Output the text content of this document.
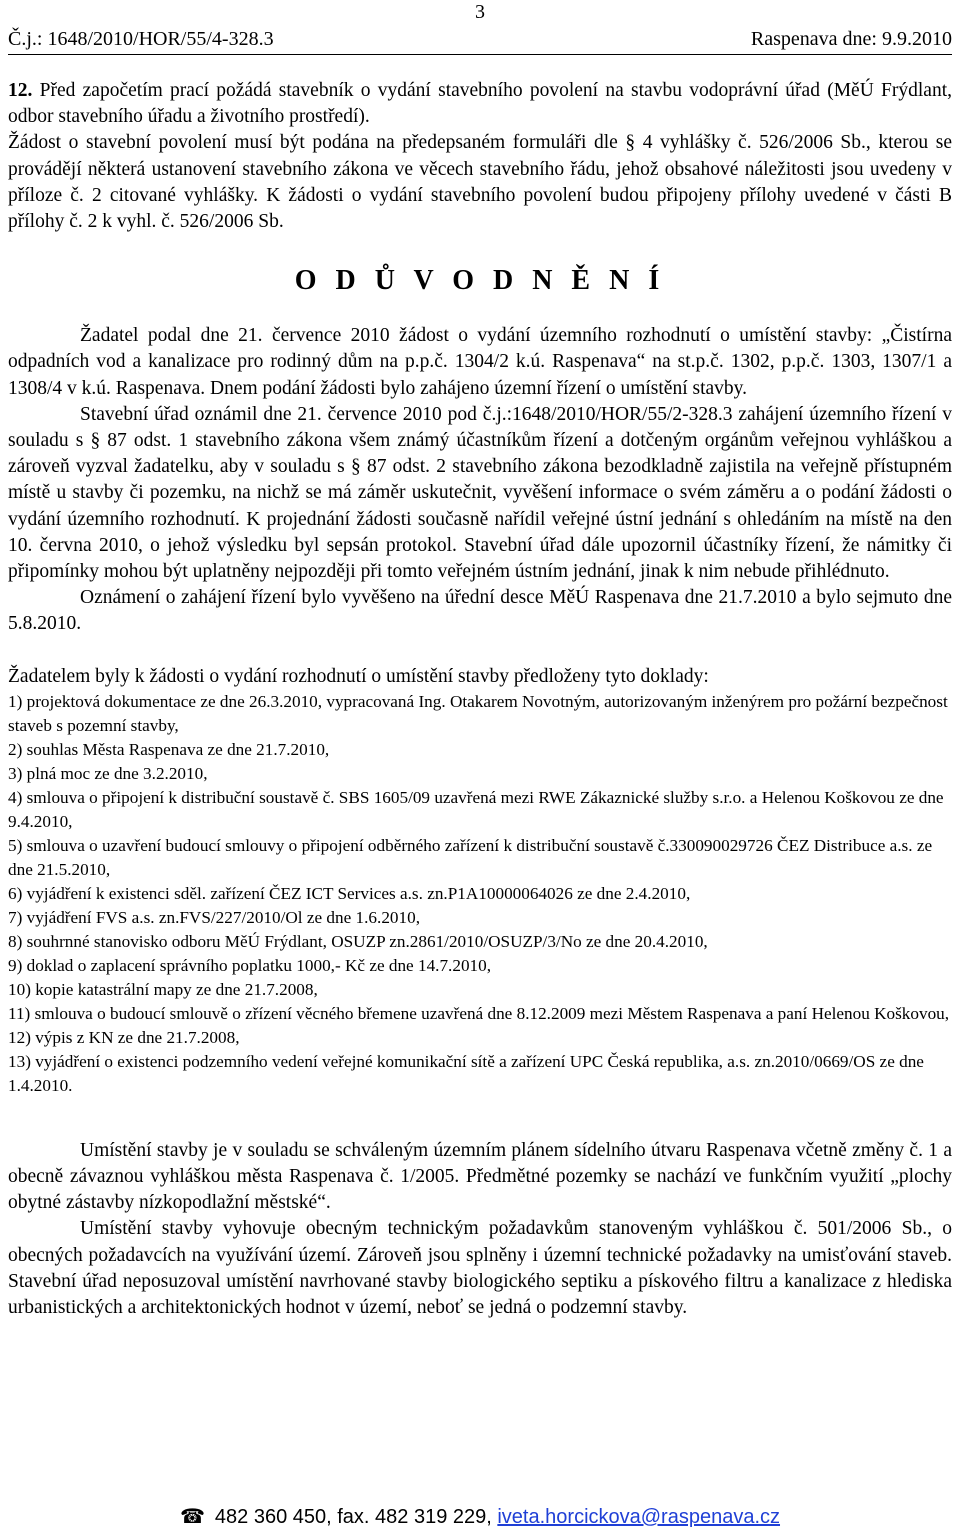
3
Č.j.: 1648/2010/HOR/55/4-328.3	Raspenava dne: 9.9.2010

12. Před započetím prací požádá stavebník o vydání stavebního povolení na stavbu vodoprávní úřad (MěÚ Frýdlant, odbor stavebního úřadu a životního prostředí).

Žádost o stavební povolení musí být podána na předepsaném formuláři dle § 4 vyhlášky č. 526/2006 Sb., kterou se provádějí některá ustanovení stavebního zákona ve věcech stavebního řádu, jehož obsahové náležitosti jsou uvedeny v příloze č. 2 citované vyhlášky. K žádosti o vydání stavebního povolení budou připojeny přílohy uvedené v části B přílohy č. 2 k vyhl. č. 526/2006 Sb.

O D Ů V O D N Ě N Í

Žadatel podal dne 21. července 2010 žádost o vydání územního rozhodnutí o umístění stavby: „Čistírna odpadních vod a kanalizace pro rodinný dům na p.p.č. 1304/2 k.ú. Raspenava“ na st.p.č. 1302, p.p.č. 1303, 1307/1 a 1308/4 v k.ú. Raspenava. Dnem podání žádosti bylo zahájeno územní řízení o umístění stavby.

Stavební úřad oznámil dne 21. července 2010 pod č.j.:1648/2010/HOR/55/2-328.3 zahájení územního řízení v souladu s § 87 odst. 1 stavebního zákona všem známý účastníkům řízení a dotčeným orgánům veřejnou vyhláškou a zároveň vyzval žadatelku, aby v souladu s § 87 odst. 2 stavebního zákona bezodkladně zajistila na veřejně přístupném místě u stavby či pozemku, na nichž se má záměr uskutečnit, vyvěšení informace o svém záměru a o podání žádosti o vydání územního rozhodnutí. K projednání žádosti současně nařídil veřejné ústní jednání s ohledáním na místě na den 10. června 2010, o jehož výsledku byl sepsán protokol. Stavební úřad dále upozornil účastníky řízení, že námitky či připomínky mohou být uplatněny nejpozději při tomto veřejném ústním jednání, jinak k nim nebude přihlédnuto.

Oznámení o zahájení řízení bylo vyvěšeno na úřední desce MěÚ Raspenava dne 21.7.2010 a bylo sejmuto dne 5.8.2010.

Žadatelem byly k žádosti o vydání rozhodnutí o umístění stavby předloženy tyto doklady:

1) projektová dokumentace ze dne 26.3.2010, vypracovaná Ing. Otakarem Novotným, autorizovaným inženýrem pro požární bezpečnost staveb s pozemní stavby,

2) souhlas Města Raspenava ze dne 21.7.2010,

3) plná moc ze dne 3.2.2010,

4) smlouva o připojení k distribuční soustavě č. SBS 1605/09 uzavřená mezi RWE Zákaznické služby s.r.o. a Helenou Koškovou ze dne 9.4.2010,

5) smlouva o uzavření budoucí smlouvy o připojení odběrného zařízení k distribuční soustavě č.330090029726 ČEZ Distribuce a.s. ze dne 21.5.2010,

6) vyjádření k existenci sděl. zařízení ČEZ ICT Services a.s. zn.P1A10000064026 ze dne 2.4.2010,

7) vyjádření FVS a.s. zn.FVS/227/2010/Ol ze dne 1.6.2010,

8) souhrnné stanovisko odboru MěÚ Frýdlant, OSUZP zn.2861/2010/OSUZP/3/No ze dne 20.4.2010,

9) doklad o zaplacení správního poplatku 1000,- Kč ze dne 14.7.2010,

10) kopie katastrální mapy ze dne 21.7.2008,

11) smlouva o budoucí smlouvě o zřízení věcného břemene uzavřená dne 8.12.2009 mezi Městem Raspenava a paní Helenou Koškovou,

12) výpis z KN ze dne 21.7.2008,

13) vyjádření o existenci podzemního vedení veřejné komunikační sítě a zařízení UPC Česká republika, a.s. zn.2010/0669/OS ze dne 1.4.2010.

Umístění stavby je v souladu se schváleným územním plánem sídelního útvaru Raspenava včetně změny č. 1 a obecně závaznou vyhláškou města Raspenava č. 1/2005. Předmětné pozemky se nachází ve funkčním využití „plochy obytné zástavby nízkopodlažní městské“.

Umístění stavby vyhovuje obecným technickým požadavkům stanoveným vyhláškou č. 501/2006 Sb., o obecných požadavcích na využívání území. Zároveň jsou splněny i územní technické požadavky na umisťování staveb. Stavební úřad neposuzoval umístění navrhované stavby biologického septiku a pískového filtru a kanalizace z hlediska urbanistických a architektonických hodnot v území, neboť se jedná o podzemní stavby.

☎ 482 360 450, fax. 482 319 229, iveta.horcickova@raspenava.cz
